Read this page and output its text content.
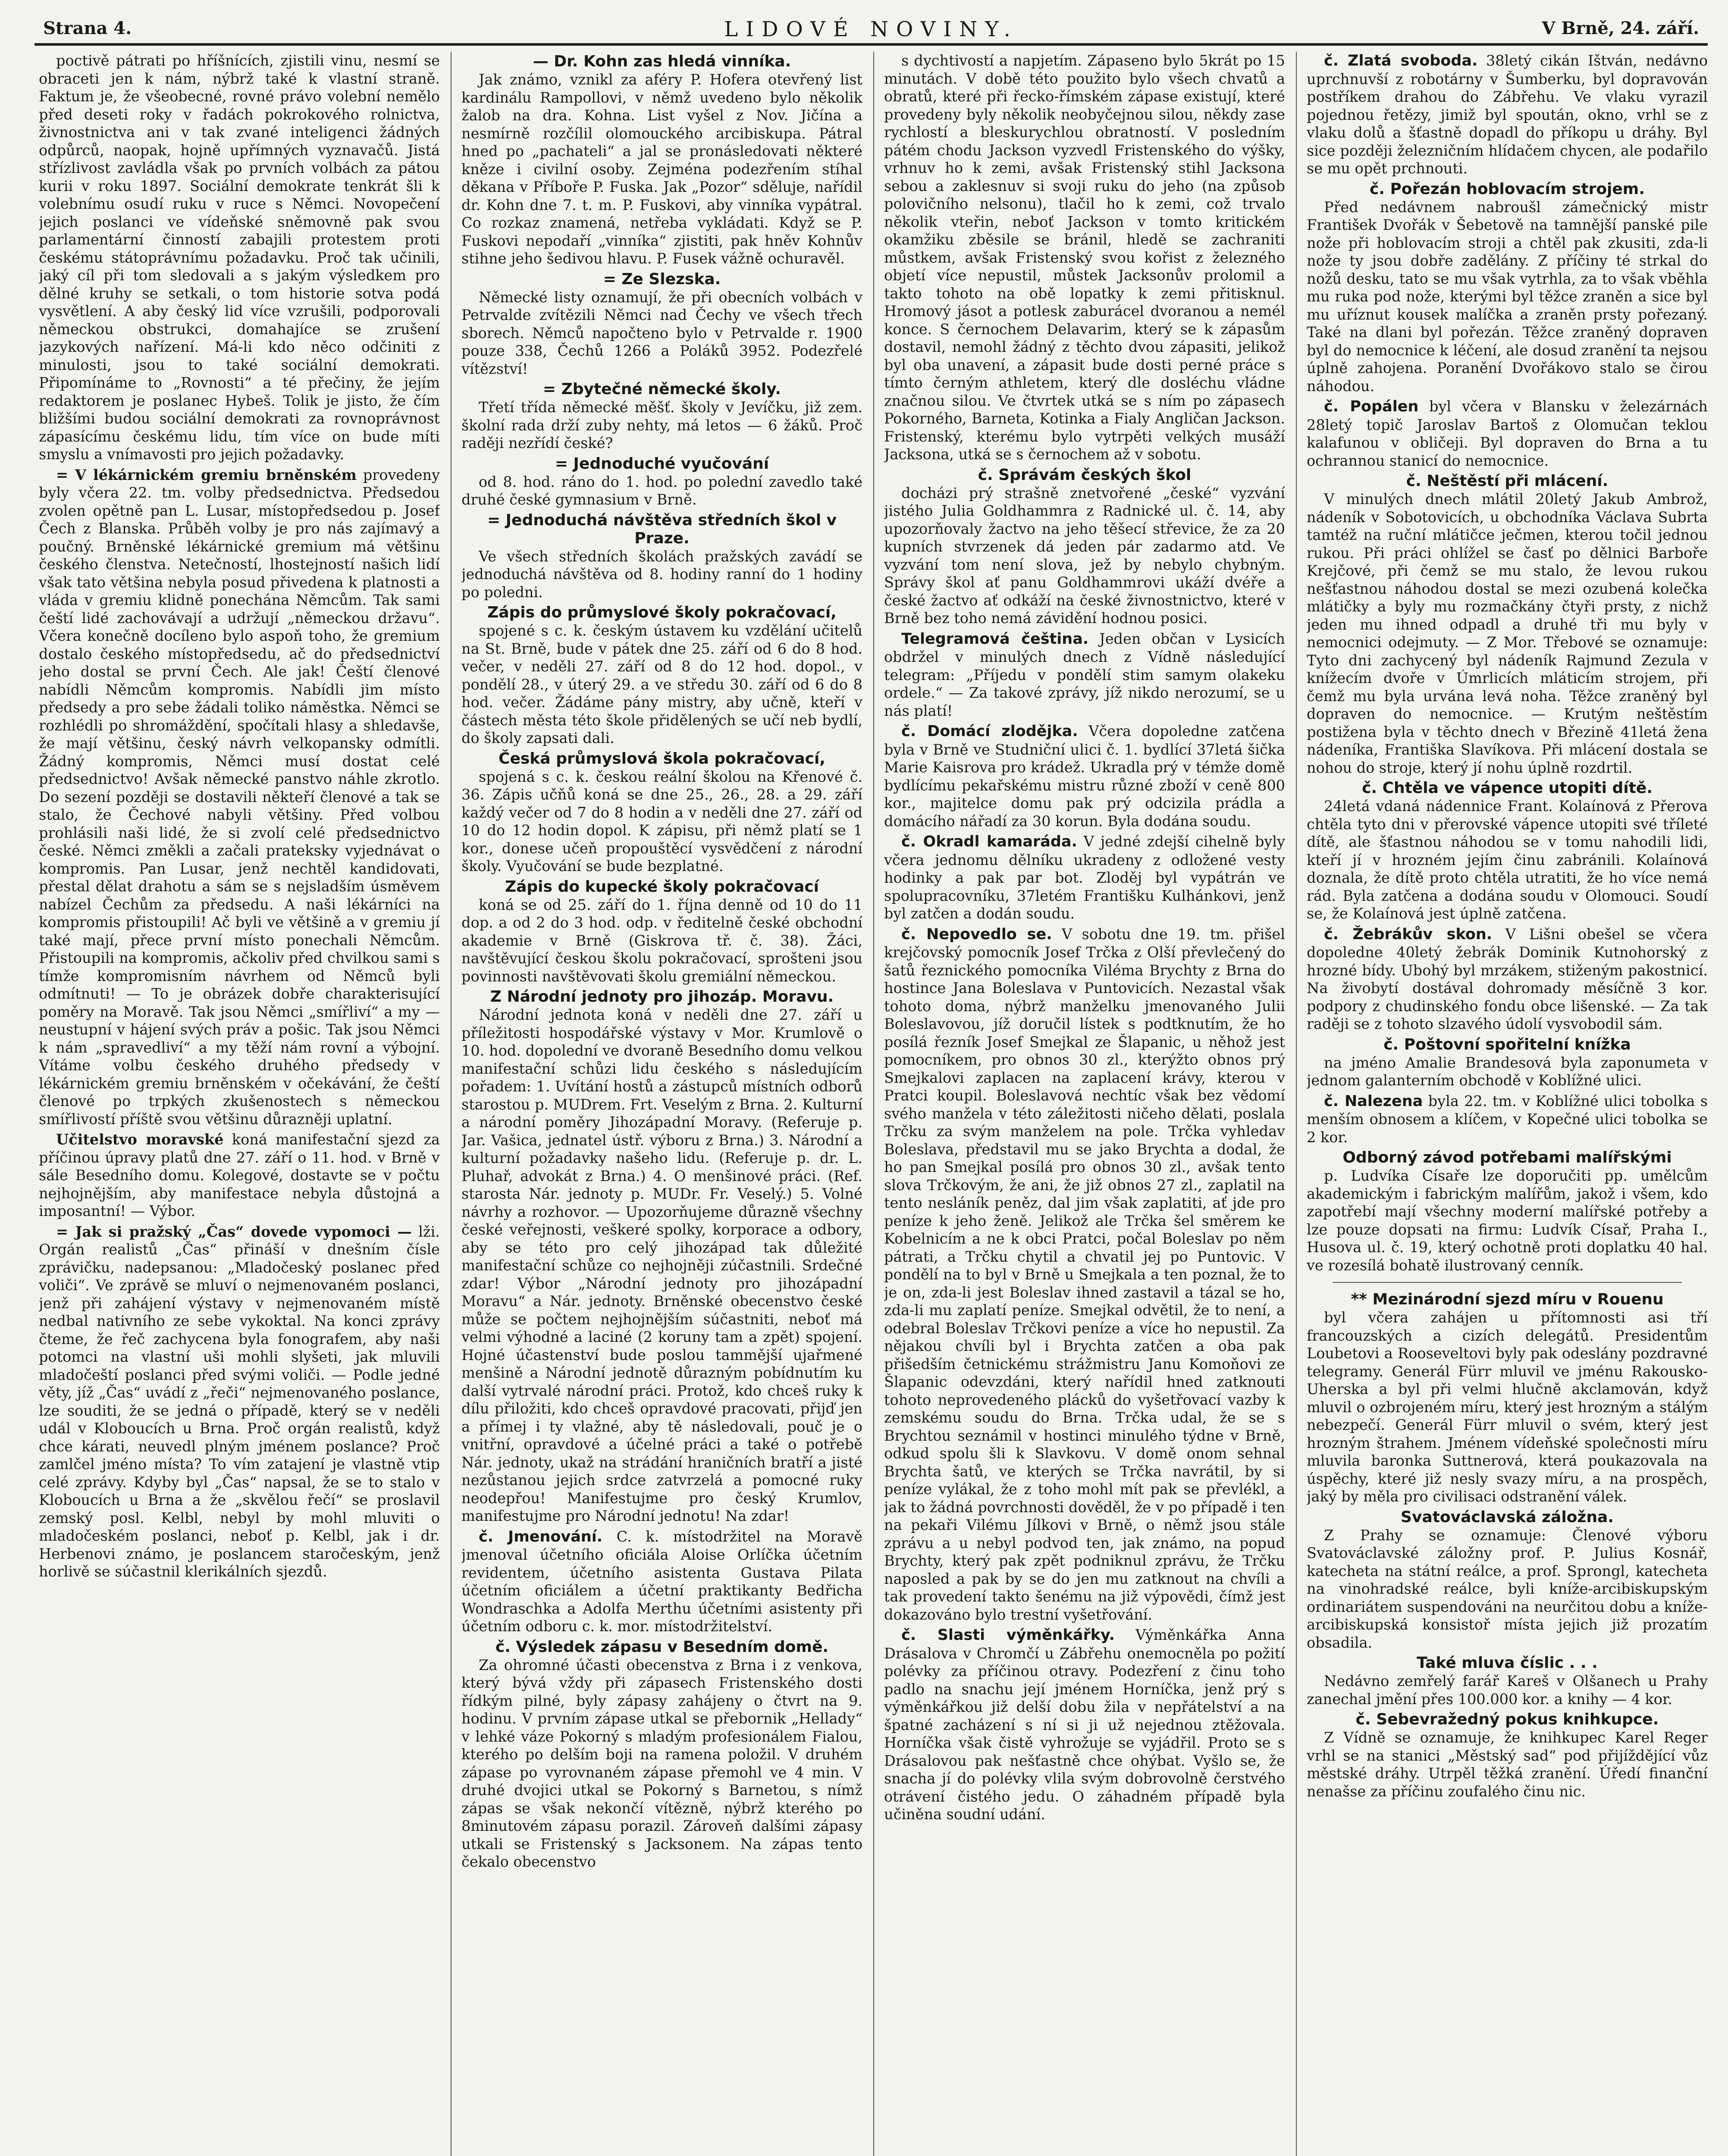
Strana 4.	LIDOVÉ NOVINY.	V Brně, 24. září.

poctivě pátrati po hříšnících, zjistili vinu, nesmí se obraceti jen k nám, nýbrž také k vlastní straně. Faktum je, že všeobecné, rovné právo volební nemělo před deseti roky v řadách pokrokového rolnictva, živnostnictva ani v tak zvané inteligenci žádných odpůrců, naopak, hojně upřímných vyznavačů. Jistá střízlivost zavládla však po prvních volbách za pátou kurii v roku 1897. Sociální demokrate tenkrát šli k volebnímu osudí ruku v ruce s Němci. Novopečení jejich poslanci ve vídeňské sněmovně pak svou parlamentární činností zabajili protestem proti českému státoprávnímu požadavku. Proč tak učinili, jaký cíl při tom sledovali a s jakým výsledkem pro dělné kruhy se setkali, o tom historie sotva podá vysvětlení. A aby český lid více vzrušili, podporovali německou obstrukci, domahajíce se zrušení jazykových nařízení. Má-li kdo něco odčiniti z minulosti, jsou to také sociální demokrati. Připomínáme to „Rovnosti“ a té přečiny, že jejím redaktorem je poslanec Hybeš. Tolik je jisto, že čím bližšími budou sociální demokrati za rovnoprávnost zápasícímu českému lidu, tím více on bude míti smyslu a vnímavosti pro jejich požadavky.

= V lékárnickém gremiu brněnském provedeny byly včera 22. tm. volby předsednictva. Předsedou zvolen opětně pan L. Lusar, místopředsedou p. Josef Čech z Blanska. Průběh volby je pro nás zajímavý a poučný. Brněnské lékárnické gremium má většinu českého členstva. Netečností, lhostejností našich lidí však tato většina nebyla posud přivedena k platnosti a vláda v gremiu klidně ponechána Němcům. Tak sami čeští lidé zachovávají a udržují „německou državu“. Včera konečně docíleno bylo aspoň toho, že gremium dostalo českého místopředsedu, ač do předsednictví jeho dostal se první Čech. Ale jak! Čeští členové nabídli Němcům kompromis. Nabídli jim místo předsedy a pro sebe žádali toliko náměstka. Němci se rozhlédli po shromáždění, spočítali hlasy a shledavše, že mají většinu, český návrh velkopansky odmítli. Žádný kompromis, Němci musí dostat celé předsednictvo! Avšak německé panstvo náhle zkrotlo. Do sezení později se dostavili někteří členové a tak se stalo, že Čechové nabyli většiny. Před volbou prohlásili naši lidé, že si zvolí celé předsednictvo české. Němci změkli a začali prateksky vyjednávat o kompromis. Pan Lusar, jenž nechtěl kandidovati, přestal dělat drahotu a sám se s nejsladším úsměvem nabízel Čechům za předsedu. A naši lékárníci na kompromis přistoupili! Ač byli ve většině a v gremiu jí také mají, přece první místo ponechali Němcům. Přistoupili na kompromis, ačkoliv před chvilkou sami s tímže kompromisním návrhem od Němců byli odmítnuti! — To je obrázek dobře charakterisující poměry na Moravě. Tak jsou Němci „smířliví“ a my — neustupní v hájení svých práv a pošic. Tak jsou Němci k nám „spravedliví“ a my těží nám rovní a výbojní. Vítáme volbu českého druhého předsedy v lékárnickém gremiu brněnském v očekávání, že čeští členové po trpkých zkušenostech s německou smířlivostí příště svou většinu důrazněji uplatní.

Učitelstvo moravské koná manifestační sjezd za příčinou úpravy platů dne 27. září o 11. hod. v Brně v sále Besedního domu. Kolegové, dostavte se v počtu nejhojnějším, aby manifestace nebyla důstojná a imposantní! — Výbor.

= Jak si pražský „Čas“ dovede vypomoci — lži. Orgán realistů „Čas“ přináší v dnešním čísle zprávičku, nadepsanou: „Mladočeský poslanec před voliči“. Ve zprávě se mluví o nejmenovaném poslanci, jenž při zahájení výstavy v nejmenovaném místě nedbal nativního ze sebe vykoktal. Na konci zprávy čteme, že řeč zachycena byla fonografem, aby naši potomci na vlastní uši mohli slyšeti, jak mluvili mladočeští poslanci před svými voliči. — Podle jedné věty, jíž „Čas“ uvádí z „řeči“ nejmenovaného poslance, lze souditi, že se jedná o případě, který se v neděli udál v Kloboucích u Brna. Proč orgán realistů, když chce kárati, neuvedl plným jménem poslance? Proč zamlčel jméno místa? To vím zatajení je vlastně vtip celé zprávy. Kdyby byl „Čas“ napsal, že se to stalo v Kloboucích u Brna a že „skvělou řečí“ se proslavil zemský posl. Kelbl, nebyl by mohl mluviti o mladočeském poslanci, neboť p. Kelbl, jak i dr. Herbenovi známo, je poslancem staročeským, jenž horlivě se súčastnil klerikálních sjezdů.

— Dr. Kohn zas hledá vinníka.

Jak známo, vznikl za aféry P. Hofera otevřený list kardinálu Rampollovi, v němž uvedeno bylo několik žalob na dra. Kohna. List vyšel z Nov. Jičína a nesmírně rozčílil olomouckého arcibiskupa. Pátral hned po „pachateli“ a jal se pronásledovati některé kněze i civilní osoby. Zejména podezřením stíhal děkana v Příboře P. Fuska. Jak „Pozor“ sděluje, nařídil dr. Kohn dne 7. t. m. P. Fuskovi, aby vinníka vypátral. Co rozkaz znamená, netřeba vykládati. Když se P. Fuskovi nepodaří „vinníka“ zjistiti, pak hněv Kohnův stihne jeho šedivou hlavu. P. Fusek vážně ochuravěl.

= Ze Slezska.

Německé listy oznamují, že při obecních volbách v Petrvalde zvítězili Němci nad Čechy ve všech třech sborech. Němců napočteno bylo v Petrvalde r. 1900 pouze 338, Čechů 1266 a Poláků 3952. Podezřelé vítězství!

= Zbytečné německé školy.

Třetí třída německé měšť. školy v Jevíčku, již zem. školní rada drží zuby nehty, má letos — 6 žáků. Proč raději nezřídí české?

= Jednoduché vyučování

od 8. hod. ráno do 1. hod. po polední zavedlo také druhé české gymnasium v Brně.

= Jednoduchá návštěva středních škol v Praze.

Ve všech středních školách pražských zavádí se jednoduchá návštěva od 8. hodiny ranní do 1 hodiny po poledni.

Zápis do průmyslové školy pokračovací,

spojené s c. k. českým ústavem ku vzdělání učitelů na St. Brně, bude v pátek dne 25. září od 6 do 8 hod. večer, v neděli 27. září od 8 do 12 hod. dopol., v pondělí 28., v úterý 29. a ve středu 30. září od 6 do 8 hod. večer. Žádáme pány mistry, aby učně, kteří v částech města této škole přidělených se učí neb bydlí, do školy zapsati dali.

Česká průmyslová škola pokračovací,

spojená s c. k. českou reální školou na Křenové č. 36. Zápis učňů koná se dne 25., 26., 28. a 29. září každý večer od 7 do 8 hodin a v neděli dne 27. září od 10 do 12 hodin dopol. K zápisu, při němž platí se 1 kor., donese učeň propouštěcí vysvědčení z národní školy. Vyučování se bude bezplatné.

Zápis do kupecké školy pokračovací

koná se od 25. září do 1. října denně od 10 do 11 dop. a od 2 do 3 hod. odp. v ředitelně české obchodní akademie v Brně (Giskrova tř. č. 38). Žáci, navštěvující českou školu pokračovací, sprošteni jsou povinnosti navštěvovati školu gremiální německou.

Z Národní jednoty pro jihozáp. Moravu.

Národní jednota koná v neděli dne 27. září u příležitosti hospodářské výstavy v Mor. Krumlově o 10. hod. dopolední ve dvoraně Besedního domu velkou manifestační schůzi lidu českého s následujícím pořadem: 1. Uvítání hostů a zástupců místních odborů starostou p. MUDrem. Frt. Veselým z Brna. 2. Kulturní a národní poměry Jihozápadní Moravy. (Referuje p. Jar. Vašica, jednatel ústř. výboru z Brna.) 3. Národní a kulturní požadavky našeho lidu. (Referuje p. dr. L. Pluhař, advokát z Brna.) 4. O menšinové práci. (Ref. starosta Nár. jednoty p. MUDr. Fr. Veselý.) 5. Volné návrhy a rozhovor. — Upozorňujeme důrazně všechny české veřejnosti, veškeré spolky, korporace a odbory, aby se této pro celý jihozápad tak důležité manifestační schůze co nejhojněji zúčastnili. Srdečné zdar! Výbor „Národní jednoty pro jihozápadní Moravu“ a Nár. jednoty. Brněnské obecenstvo české může se počtem nejhojnějším súčastniti, neboť má velmi výhodné a laciné (2 koruny tam a zpět) spojení. Hojné účastenství bude poslou tammější ujařmené menšině a Národní jednotě důrazným pobídnutím ku další vytrvalé národní práci. Protož, kdo chceš ruky k dílu přiložiti, kdo chceš opravdové pracovati, přijď jen a přímej i ty vlažné, aby tě následovali, pouč je o vnitřní, opravdové a účelné práci a také o potřebě Nár. jednoty, ukaž na strádání hraničních bratří a jisté nezůstanou jejich srdce zatvrzelá a pomocné ruky neodepřou! Manifestujme pro český Krumlov, manifestujme pro Národní jednotu! Na zdar!

č. Jmenování. C. k. místodržitel na Moravě jmenoval účetního oficiála Aloise Orlíčka účetním revidentem, účetního asistenta Gustava Pilata účetním oficiálem a účetní praktikanty Bedřicha Wondraschka a Adolfa Merthu účetními asistenty při účetním odboru c. k. mor. místodržitelství.

č. Výsledek zápasu v Besedním domě.

Za ohromné účasti obecenstva z Brna i z venkova, který bývá vždy při zápasech Fristenského dosti řídkým pilné, byly zápasy zahájeny o čtvrt na 9. hodinu. V prvním zápase utkal se přebornik „Hellady“ v lehké váze Pokorný s mladým profesionálem Fialou, kterého po delším boji na ramena položil. V druhém zápase po vyrovnaném zápase přemohl ve 4 min. V druhé dvojici utkal se Pokorný s Barnetou, s nímž zápas se však nekončí vítězně, nýbrž kterého po 8minutovém zápasu porazil. Zároveň dalšími zápasy utkali se Fristenský s Jacksonem. Na zápas tento čekalo obecenstvo

s dychtivostí a napjetím. Zápaseno bylo 5krát po 15 minutách. V době této použito bylo všech chvatů a obratů, které při řecko-římském zápase existují, které provedeny byly několik neobyčejnou silou, někdy zase rychlostí a bleskurychlou obratností. V posledním pátém chodu Jackson vyzvedl Fristenského do výšky, vrhnuv ho k zemi, avšak Fristenský stihl Jacksona sebou a zaklesnuv si svoji ruku do jeho (na způsob polovičního nelsonu), tlačil ho k zemi, což trvalo několik vteřin, neboť Jackson v tomto kritickém okamžiku zběsile se bránil, hledě se zachraniti můstkem, avšak Fristenský svou kořist z železného objetí více nepustil, můstek Jacksonův prolomil a takto tohoto na obě lopatky k zemi přitisknul. Hromový jásot a potlesk zaburácel dvoranou a nemél konce. S černochem Delavarim, který se k zápasům dostavil, nemohl žádný z těchto dvou zápasiti, jelikož byl oba unavení, a zápasit bude dosti perné práce s tímto černým athletem, který dle dosléchu vládne značnou silou. Ve čtvrtek utká se s ním po zápasech Pokorného, Barneta, Kotinka a Fialy Angličan Jackson. Fristenský, kterému bylo vytrpěti velkých musáží Jacksona, utká se s černochem až v sobotu.

č. Správám českých škol

docházi prý strašně znetvořené „české“ vyzvání jistého Julia Goldhammra z Radnické ul. č. 14, aby upozorňovaly žactvo na jeho těšecí střevice, že za 20 kupních stvrzenek dá jeden pár zadarmo atd. Ve vyzvání tom není slova, jež by nebylo chybným. Správy škol ať panu Goldhammrovi ukáží dvéře a české žactvo ať odkáží na české živnostnictvo, které v Brně bez toho nemá závidění hodnou posici.

Telegramová čeština. Jeden občan v Lysicích obdržel v minulých dnech z Vídně následující telegram: „Příjedu v pondělí stim samym olakeku ordele.“ — Za takové zprávy, jíž nikdo nerozumí, se u nás platí!

č. Domácí zlodějka. Včera dopoledne zatčena byla v Brně ve Studniční ulici č. 1. bydlící 37letá šička Marie Kaisrova pro krádež. Ukradla prý v témže domě bydlícímu pekařskému mistru různé zboží v ceně 800 kor., majitelce domu pak prý odcizila prádla a domácího nářadí za 30 korun. Byla dodána soudu.

č. Okradl kamaráda. V jedné zdejší cihelně byly včera jednomu dělníku ukradeny z odložené vesty hodinky a pak par bot. Zloděj byl vypátrán ve spolupracovníku, 37letém Františku Kulhánkovi, jenž byl zatčen a dodán soudu.

č. Nepovedlo se. V sobotu dne 19. tm. přišel krejčovský pomocník Josef Trčka z Olší převlečený do šatů řeznického pomocníka Viléma Brychty z Brna do hostince Jana Boleslava v Puntovicích. Nezastal však tohoto doma, nýbrž manželku jmenovaného Julii Boleslavovou, jíž doručil lístek s podtknutím, že ho posílá řezník Josef Smejkal ze Šlapanic, u něhož jest pomocníkem, pro obnos 30 zl., kterýžto obnos prý Smejkalovi zaplacen na zaplacení krávy, kterou v Pratci koupil. Boleslavová nechtíc však bez vědomí svého manžela v této záležitosti ničeho dělati, poslala Trčku za svým manželem na pole. Trčka vyhledav Boleslava, představil mu se jako Brychta a dodal, že ho pan Smejkal posílá pro obnos 30 zl., avšak tento slova Trčkovým, že ani, že již obnos 27 zl., zaplatil na tento nesláník peněz, dal jim však zaplatiti, ať jde pro peníze k jeho ženě. Jelikož ale Trčka šel směrem ke Kobelnicím a ne k obci Pratci, počal Boleslav po něm pátrati, a Trčku chytil a chvatil jej po Puntovic. V pondělí na to byl v Brně u Smejkala a ten poznal, že to je on, zda-li jest Boleslav ihned zastavil a tázal se ho, zda-li mu zaplatí peníze. Smejkal odvětil, že to není, a odebral Boleslav Trčkovi peníze a více ho nepustil. Za nějakou chvíli byl i Brychta zatčen a oba pak přišedším četnickému strážmistru Janu Komoňovi ze Šlapanic odevzdáni, který nařídil hned zatknouti tohoto neprovedeného plácků do vyšetřovací vazby k zemskému soudu do Brna. Trčka udal, že se s Brychtou seznámil v hostinci minulého týdne v Brně, odkud spolu šli k Slavkovu. V domě onom sehnal Brychta šatů, ve kterých se Trčka navrátil, by si peníze vylákal, že z toho mohl mít pak se převlékl, a jak to žádná povrchnosti dověděl, že v po případě i ten na pekaři Vilému Jílkovi v Brně, o němž jsou stále zprávu a u nebyl podvod ten, jak známo, na popud Brychty, který pak zpět podniknul zprávu, že Trčku naposled a pak by se do jen mu zatknout na chvíli a tak provedení takto šenému na již výpovědi, čímž jest dokazováno bylo trestní vyšetřování.

č. Slasti výměnkářky. Výměnkářka Anna Drásalova v Chromčí u Zábřehu onemocněla po požití polévky za příčinou otravy. Podezření z činu toho padlo na snachu její jménem Horníčka, jenž prý s výměnkářkou již delší dobu žila v nepřátelství a na špatné zacházení s ní si ji už nejednou ztěžovala. Horníčka však čistě vyhrožuje se vyjádřil. Proto se s Drásalovou pak nešťastně chce ohýbat. Vyšlo se, že snacha jí do polévky vlila svým dobrovolně čerstvého otrávení čistého jedu. O záhadném případě byla učiněna soudní udání.

č. Zlatá svoboda. 38letý cikán Ištván, nedávno uprchnuvší z robotárny v Šumberku, byl dopravován postříkem drahou do Zábřehu. Ve vlaku vyrazil pojednou řetězy, jimiž byl spoután, okno, vrhl se z vlaku dolů a šťastně dopadl do příkopu u dráhy. Byl sice později železničním hlídačem chycen, ale podařilo se mu opět prchnouti.

č. Pořezán hoblovacím strojem.

Před nedávnem nabroušl zámečnický mistr František Dvořák v Šebetově na tamnější panské pile nože při hoblovacím stroji a chtěl pak zkusiti, zda-li nože ty jsou dobře zadělány. Z příčiny té strkal do nožů desku, tato se mu však vytrhla, za to však vběhla mu ruka pod nože, kterými byl těžce zraněn a sice byl mu uříznut kousek malíčka a zraněn prsty pořezaný. Také na dlani byl pořezán. Těžce zraněný dopraven byl do nemocnice k léčení, ale dosud zranění ta nejsou úplně zahojena. Poranění Dvořákovo stalo se čirou náhodou.

č. Popálen byl včera v Blansku v železárnách 28letý topič Jaroslav Bartoš z Olomučan teklou kalafunou v obličeji. Byl dopraven do Brna a tu ochrannou stanicí do nemocnice.

č. Neštěstí při mlácení.

V minulých dnech mlátil 20letý Jakub Ambrož, nádeník v Sobotovicích, u obchodníka Václava Subrta tamtéž na ruční mlátičce ječmen, kterou točil jednou rukou. Při práci ohlížel se časť po dělnici Barboře Krejčové, při čemž se mu stalo, že levou rukou nešťastnou náhodou dostal se mezi ozubená kolečka mlátičky a byly mu rozmačkány čtyři prsty, z nichž jeden mu ihned odpadl a druhé tři mu byly v nemocnici odejmuty. — Z Mor. Třebové se oznamuje: Tyto dni zachycený byl nádeník Rajmund Zezula v knížecím dvoře v Úmrlicích mláticím strojem, při čemž mu byla urvána levá noha. Těžce zraněný byl dopraven do nemocnice. — Krutým neštěstím postižena byla v těchto dnech v Březině 41letá žena nádeníka, Františka Slavíkova. Při mlácení dostala se nohou do stroje, který jí nohu úplně rozdrtil.

č. Chtěla ve vápence utopiti dítě.

24letá vdaná nádennice Frant. Kolaínová z Přerova chtěla tyto dni v přerovské vápence utopiti své tříleté dítě, ale šťastnou náhodou se v tomu nahodili lidi, kteří jí v hrozném jejím činu zabránili. Kolaínová doznala, že dítě proto chtěla utratiti, že ho více nemá rád. Byla zatčena a dodána soudu v Olomouci. Soudí se, že Kolaínová jest úplně zatčena.

č. Žebrákův skon. V Lišni obešel se včera dopoledne 40letý žebrák Dominik Kutnohorský z hrozné bídy. Ubohý byl mrzákem, stiženým pakostnicí. Na živobytí dostával dohromady měsíčně 3 kor. podpory z chudinského fondu obce lišenské. — Za tak raději se z tohoto slzavého údolí vysvobodil sám.

č. Poštovní spořitelní knížka

na jméno Amalie Brandesová byla zaponumeta v jednom galanterním obchodě v Koblížné ulici.

č. Nalezena byla 22. tm. v Koblížné ulici tobolka s menším obnosem a klíčem, v Kopečné ulici tobolka se 2 kor.

Odborný závod potřebami malířskými

p. Ludvíka Císaře lze doporučiti pp. umělcům akademickým i fabrickým malířům, jakož i všem, kdo zapotřebí mají všechny moderní malířské potřeby a lze pouze dopsati na firmu: Ludvík Císař, Praha I., Husova ul. č. 19, který ochotně proti doplatku 40 hal. ve rozesílá bohatě ilustrovaný cenník.

** Mezinárodní sjezd míru v Rouenu

byl včera zahájen u přítomnosti asi tří francouzských a cizích delegátů. Presidentům Loubetovi a Rooseveltovi byly pak odeslány pozdravné telegramy. Generál Fürr mluvil ve jménu Rakousko-Uherska a byl při velmi hlučně akclamován, když mluvil o ozbrojeném míru, který jest hrozným a stálým nebezpečí. Generál Fürr mluvil o svém, který jest hrozným štrahem. Jménem vídeňské společnosti míru mluvila baronka Suttnerová, která poukazovala na úspěchy, které již nesly svazy míru, a na prospěch, jaký by měla pro civilisaci odstranění válek.

Svatováclavská záložna.

Z Prahy se oznamuje: Členové výboru Svatováclavské záložny prof. P. Julius Kosnář, katecheta na státní reálce, a prof. Sprongl, katecheta na vinohradské reálce, byli kníže-arcibiskupským ordinariátem suspendováni na neurčitou dobu a kníže-arcibiskupská konsistoř místa jejich již prozatím obsadila.

Také mluva číslic . . .

Nedávno zemřelý farář Kareš v Olšanech u Prahy zanechal jmění přes 100.000 kor. a knihy — 4 kor.

č. Sebevražedný pokus knihkupce.

Z Vídně se oznamuje, že knihkupec Karel Reger vrhl se na stanici „Městský sad“ pod přijíždějící vůz městské dráhy. Utrpěl těžká zranění. Úředí finanční nenašse za příčinu zoufalého činu nic.
